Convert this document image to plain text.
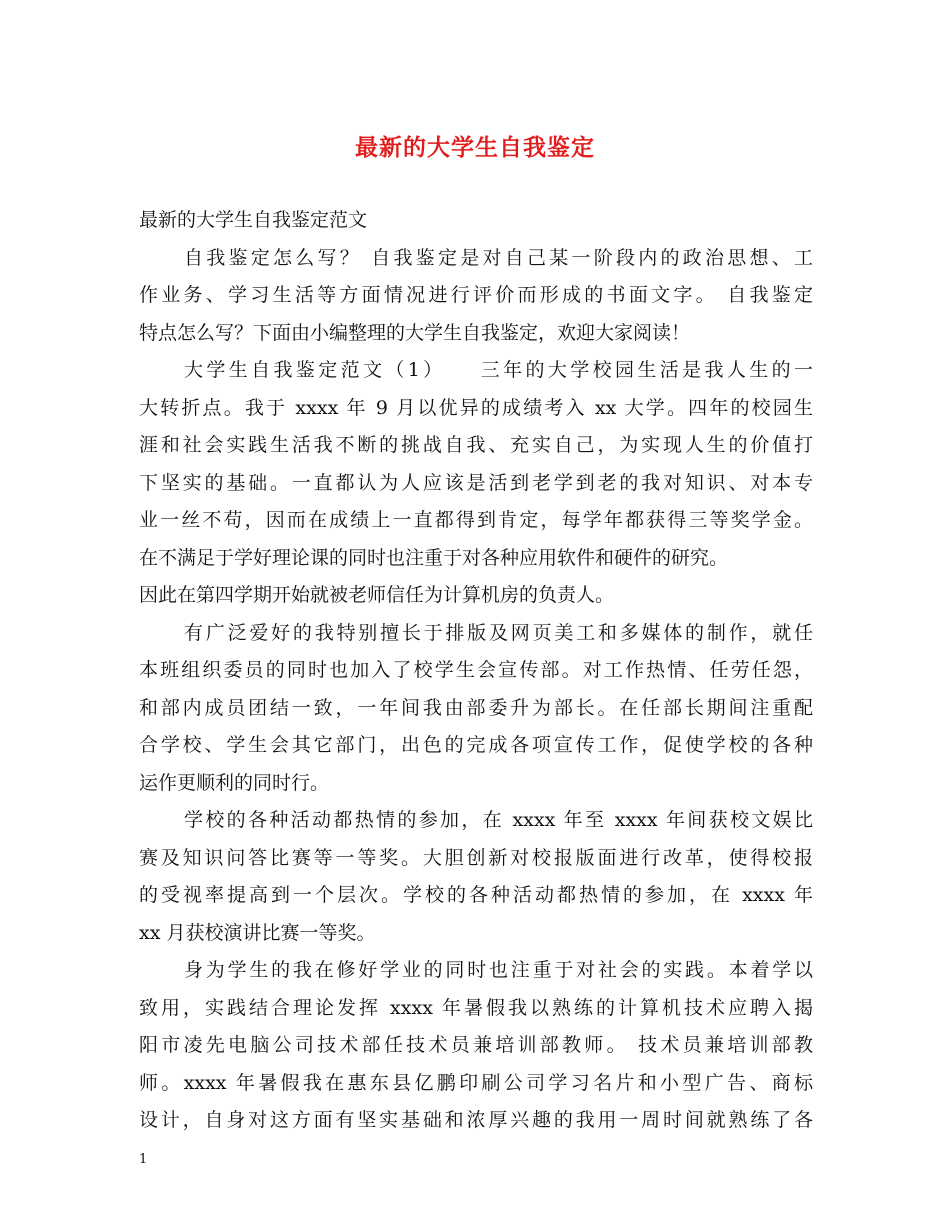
最新的大学生自我鉴定
最新的大学生自我鉴定范文
自我鉴定怎么写？ 自我鉴定是对自己某一阶段内的政治思想、工
作业务、学习生活等方面情况进行评价而形成的书面文字。 自我鉴定
特点怎么写？下面由小编整理的大学生自我鉴定，欢迎大家阅读！
大学生自我鉴定范文（1）　　三年的大学校园生活是我人生的一
大转折点。我于 xxxx 年 9 月以优异的成绩考入 xx 大学。四年的校园生
涯和社会实践生活我不断的挑战自我、充实自己，为实现人生的价值打
下坚实的基础。一直都认为人应该是活到老学到老的我对知识、对本专
业一丝不苟，因而在成绩上一直都得到肯定，每学年都获得三等奖学金。
在不满足于学好理论课的同时也注重于对各种应用软件和硬件的研究。
因此在第四学期开始就被老师信任为计算机房的负责人。
有广泛爱好的我特别擅长于排版及网页美工和多媒体的制作，就任
本班组织委员的同时也加入了校学生会宣传部。对工作热情、任劳任怨，
和部内成员团结一致，一年间我由部委升为部长。在任部长期间注重配
合学校、学生会其它部门，出色的完成各项宣传工作，促使学校的各种
运作更顺利的同时行。
学校的各种活动都热情的参加，在 xxxx 年至 xxxx 年间获校文娱比
赛及知识问答比赛等一等奖。大胆创新对校报版面进行改革，使得校报
的受视率提高到一个层次。学校的各种活动都热情的参加，在 xxxx 年
xx 月获校演讲比赛一等奖。
身为学生的我在修好学业的同时也注重于对社会的实践。本着学以
致用，实践结合理论发挥 xxxx 年暑假我以熟练的计算机技术应聘入揭
阳市凌先电脑公司技术部任技术员兼培训部教师。 技术员兼培训部教
师。xxxx 年暑假我在惠东县亿鹏印刷公司学习名片和小型广告、商标
设计，自身对这方面有坚实基础和浓厚兴趣的我用一周时间就熟练了各
1
